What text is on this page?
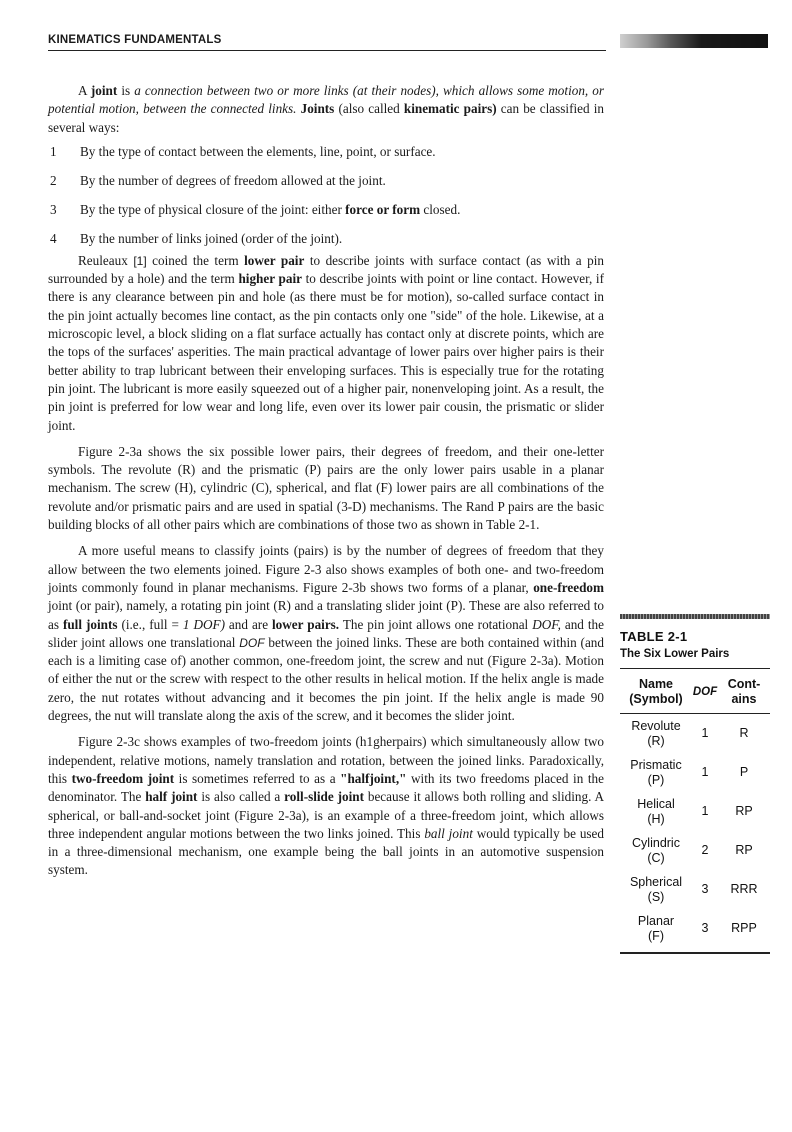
KINEMATICS FUNDAMENTALS

A joint is a connection between two or more links (at their nodes), which allows some motion, or potential motion, between the connected links. Joints (also called kinematic pairs) can be classified in several ways:

1	By the type of contact between the elements, line, point, or surface.
2	By the number of degrees of freedom allowed at the joint.
3	By the type of physical closure of the joint: either force or form closed.
4	By the number of links joined (order of the joint).

Reuleaux [1] coined the term lower pair to describe joints with surface contact (as with a pin surrounded by a hole) and the term higher pair to describe joints with point or line contact. However, if there is any clearance between pin and hole (as there must be for motion), so-called surface contact in the pin joint actually becomes line contact, as the pin contacts only one "side" of the hole. Likewise, at a microscopic level, a block sliding on a flat surface actually has contact only at discrete points, which are the tops of the surfaces' asperities. The main practical advantage of lower pairs over higher pairs is their better ability to trap lubricant between their enveloping surfaces. This is especially true for the rotating pin joint. The lubricant is more easily squeezed out of a higher pair, nonenveloping joint. As a result, the pin joint is preferred for low wear and long life, even over its lower pair cousin, the prismatic or slider joint.

Figure 2-3a shows the six possible lower pairs, their degrees of freedom, and their one-letter symbols. The revolute (R) and the prismatic (P) pairs are the only lower pairs usable in a planar mechanism. The screw (H), cylindric (C), spherical, and flat (F) lower pairs are all combinations of the revolute and/or prismatic pairs and are used in spatial (3-D) mechanisms. The Rand P pairs are the basic building blocks of all other pairs which are combinations of those two as shown in Table 2-1.

A more useful means to classify joints (pairs) is by the number of degrees of freedom that they allow between the two elements joined. Figure 2-3 also shows examples of both one- and two-freedom joints commonly found in planar mechanisms. Figure 2-3b shows two forms of a planar, one-freedom joint (or pair), namely, a rotating pin joint (R) and a translating slider joint (P). These are also referred to as full joints (i.e., full = 1 DOF) and are lower pairs. The pin joint allows one rotational DOF, and the slider joint allows one translational DOF between the joined links. These are both contained within (and each is a limiting case of) another common, one-freedom joint, the screw and nut (Figure 2-3a). Motion of either the nut or the screw with respect to the other results in helical motion. If the helix angle is made zero, the nut rotates without advancing and it becomes the pin joint. If the helix angle is made 90 degrees, the nut will translate along the axis of the screw, and it becomes the slider joint.

Figure 2-3c shows examples of two-freedom joints (h1gherpairs) which simultaneously allow two independent, relative motions, namely translation and rotation, between the joined links. Paradoxically, this two-freedom joint is sometimes referred to as a "halfjoint," with its two freedoms placed in the denominator. The half joint is also called a roll-slide joint because it allows both rolling and sliding. A spherical, or ball-and-socket joint (Figure 2-3a), is an example of a three-freedom joint, which allows three independent angular motions between the two links joined. This ball joint would typically be used in a three-dimensional mechanism, one example being the ball joints in an automotive suspension system.

TABLE 2-1
The Six Lower Pairs
Name
(Symbol)	DOF	Cont-
ains
Revolute
(R)	1	R
Prismatic
(P)	1	P
Helical
(H)	1	RP
Cylindric
(C)	2	RP
Spherical
(S)	3	RRR
Planar
(F)	3	RPP
